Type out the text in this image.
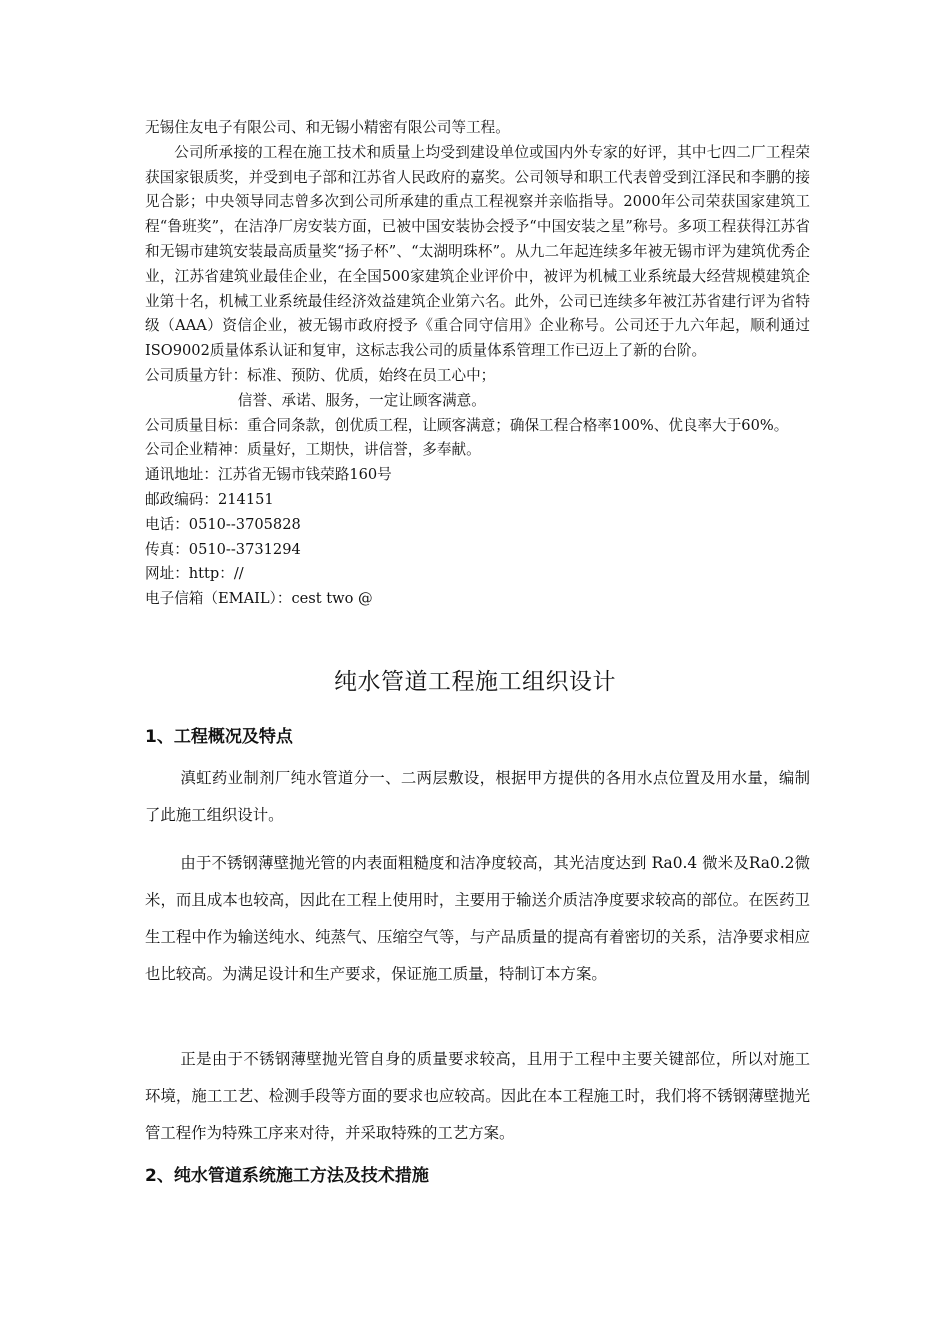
无锡住友电子有限公司、和无锡小精密有限公司等工程。

公司所承接的工程在施工技术和质量上均受到建设单位或国内外专家的好评，其中七四二厂工程荣获国家银质奖，并受到电子部和江苏省人民政府的嘉奖。公司领导和职工代表曾受到江泽民和李鹏的接见合影；中央领导同志曾多次到公司所承建的重点工程视察并亲临指导。2000年公司荣获国家建筑工程“鲁班奖”，在洁净厂房安装方面，已被中国安装协会授予“中国安装之星”称号。多项工程获得江苏省和无锡市建筑安装最高质量奖“扬子杯”、“太湖明珠杯”。从九二年起连续多年被无锡市评为建筑优秀企业，江苏省建筑业最佳企业，在全国500家建筑企业评价中，被评为机械工业系统最大经营规模建筑企业第十名，机械工业系统最佳经济效益建筑企业第六名。此外，公司已连续多年被江苏省建行评为省特级（AAA）资信企业，被无锡市政府授予《重合同守信用》企业称号。公司还于九六年起，顺利通过ISO9002质量体系认证和复审，这标志我公司的质量体系管理工作已迈上了新的台阶。

公司质量方针：标准、预防、优质，始终在员工心中；

信誉、承诺、服务，一定让顾客满意。

公司质量目标：重合同条款，创优质工程，让顾客满意；确保工程合格率100%、优良率大于60%。

公司企业精神：质量好，工期快，讲信誉，多奉献。

通讯地址：江苏省无锡市钱荣路160号

邮政编码：214151

电话：0510--3705828

传真：0510--3731294

网址：http：//

电子信箱（EMAIL）：cest two @

纯水管道工程施工组织设计
1、工程概况及特点

滇虹药业制剂厂纯水管道分一、二两层敷设，根据甲方提供的各用水点位置及用水量，编制了此施工组织设计。

由于不锈钢薄壁抛光管的内表面粗糙度和洁净度较高，其光洁度达到 Ra0.4 微米及Ra0.2微米，而且成本也较高，因此在工程上使用时，主要用于输送介质洁净度要求较高的部位。在医药卫生工程中作为输送纯水、纯蒸气、压缩空气等，与产品质量的提高有着密切的关系，洁净要求相应也比较高。为满足设计和生产要求，保证施工质量，特制订本方案。

正是由于不锈钢薄壁抛光管自身的质量要求较高，且用于工程中主要关键部位，所以对施工环境，施工工艺、检测手段等方面的要求也应较高。因此在本工程施工时，我们将不锈钢薄壁抛光管工程作为特殊工序来对待，并采取特殊的工艺方案。

2、纯水管道系统施工方法及技术措施
